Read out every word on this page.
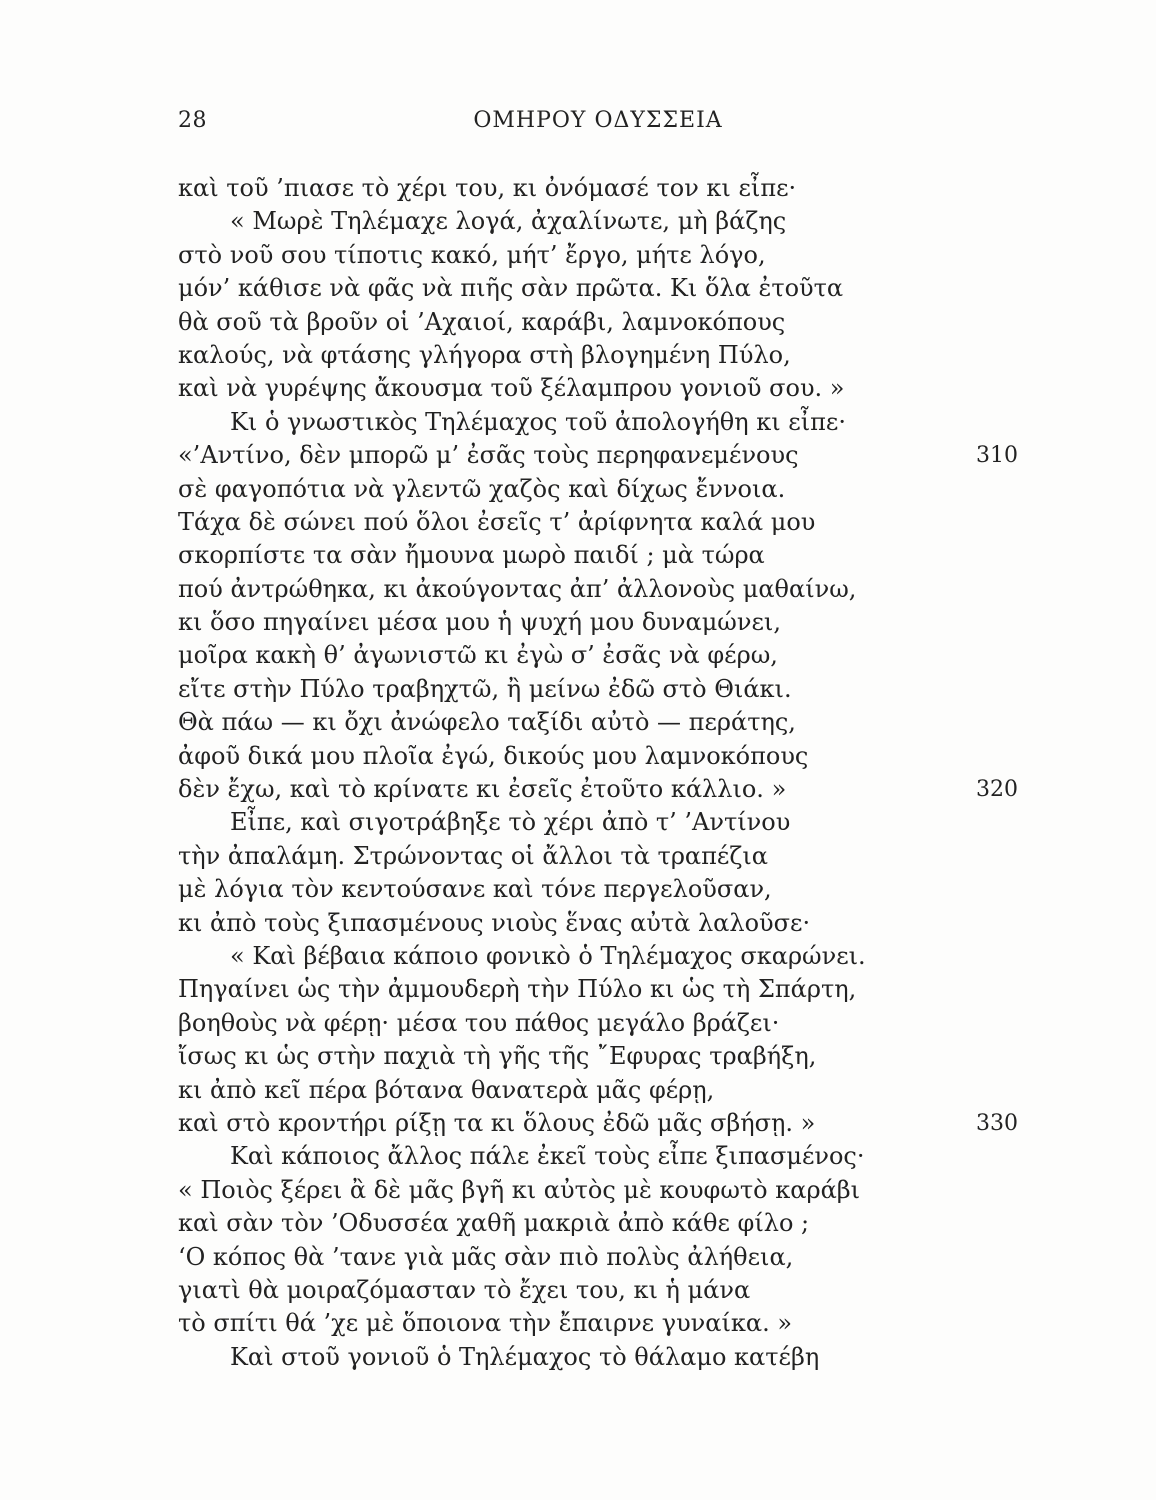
28	ΟΜΗΡΟΥ ΟΔΥΣΣΕΙΑ
καὶ τοῦ ’πιασε τὸ χέρι του, κι ὀνόμασέ τον κι εἶπε·
« Μωρὲ Τηλέμαχε λογά, ἀχαλίνωτε, μὴ βάζης
στὸ νοῦ σου τίποτις κακό, μήτ’ ἔργο, μήτε λόγο,
μόν’ κάθισε νὰ φᾶς νὰ πιῆς σὰν πρῶτα. Κι ὅλα ἐτοῦτα
θὰ σοῦ τὰ βροῦν οἱ ’Αχαιοί, καράβι, λαμνοκόπους
καλούς, νὰ φτάσης γλήγορα στὴ βλογημένη Πύλο,
καὶ νὰ γυρέψης ἄκουσμα τοῦ ξέλαμπρου γονιοῦ σου. »
Κι ὁ γνωστικὸς Τηλέμαχος τοῦ ἀπολογήθη κι εἶπε·
«’Αντίνο, δὲν μπορῶ μ’ ἐσᾶς τοὺς περηφανεμένους	310
σὲ φαγοπότια νὰ γλεντῶ χαζὸς καὶ δίχως ἔννοια.
Τάχα δὲ σώνει πού ὅλοι ἐσεῖς τ’ ἀρίφνητα καλά μου
σκορπίστε τα σὰν ἤμουνα μωρὸ παιδί ; μὰ τώρα
πού ἀντρώθηκα, κι ἀκούγοντας ἀπ’ ἀλλονοὺς μαθαίνω,
κι ὅσο πηγαίνει μέσα μου ἡ ψυχή μου δυναμώνει,
μοῖρα κακὴ θ’ ἀγωνιστῶ κι ἐγὼ σ’ ἐσᾶς νὰ φέρω,
εἴτε στὴν Πύλο τραβηχτῶ, ἢ μείνω ἐδῶ στὸ Θιάκι.
Θὰ πάω — κι ὄχι ἀνώφελο ταξίδι αὐτὸ — περάτης,
ἀφοῦ δικά μου πλοῖα ἐγώ, δικούς μου λαμνοκόπους
δὲν ἔχω, καὶ τὸ κρίνατε κι ἐσεῖς ἐτοῦτο κάλλιο. »	320
Εἶπε, καὶ σιγοτράβηξε τὸ χέρι ἀπὸ τ’ ’Αντίνου
τὴν ἀπαλάμη. Στρώνοντας οἱ ἄλλοι τὰ τραπέζια
μὲ λόγια τὸν κεντούσανε καὶ τόνε περγελοῦσαν,
κι ἀπὸ τοὺς ξιπασμένους νιοὺς ἕνας αὐτὰ λαλοῦσε·
« Καὶ βέβαια κάποιο φονικὸ ὁ Τηλέμαχος σκαρώνει.
Πηγαίνει ὡς τὴν ἀμμουδερὴ τὴν Πύλο κι ὡς τὴ Σπάρτη,
βοηθοὺς νὰ φέρῃ· μέσα του πάθος μεγάλο βράζει·
ἴσως κι ὡς στὴν παχιὰ τὴ γῆς τῆς ῎Εφυρας τραβήξη,
κι ἀπὸ κεῖ πέρα βότανα θανατερὰ μᾶς φέρῃ,
καὶ στὸ κροντήρι ρίξῃ τα κι ὅλους ἐδῶ μᾶς σβήσῃ. »	330
Καὶ κάποιος ἄλλος πάλε ἐκεῖ τοὺς εἶπε ξιπασμένος·
« Ποιὸς ξέρει ἂ δὲ μᾶς βγῆ κι αὐτὸς μὲ κουφωτὸ καράβι
καὶ σὰν τὸν ’Οδυσσέα χαθῆ μακριὰ ἀπὸ κάθε φίλο ;
‘Ο κόπος θὰ ’τανε γιὰ μᾶς σὰν πιὸ πολὺς ἀλήθεια,
γιατὶ θὰ μοιραζόμασταν τὸ ἔχει του, κι ἡ μάνα
τὸ σπίτι θά ’χε μὲ ὅποιονα τὴν ἔπαιρνε γυναίκα. »
Καὶ στοῦ γονιοῦ ὁ Τηλέμαχος τὸ θάλαμο κατέβη
